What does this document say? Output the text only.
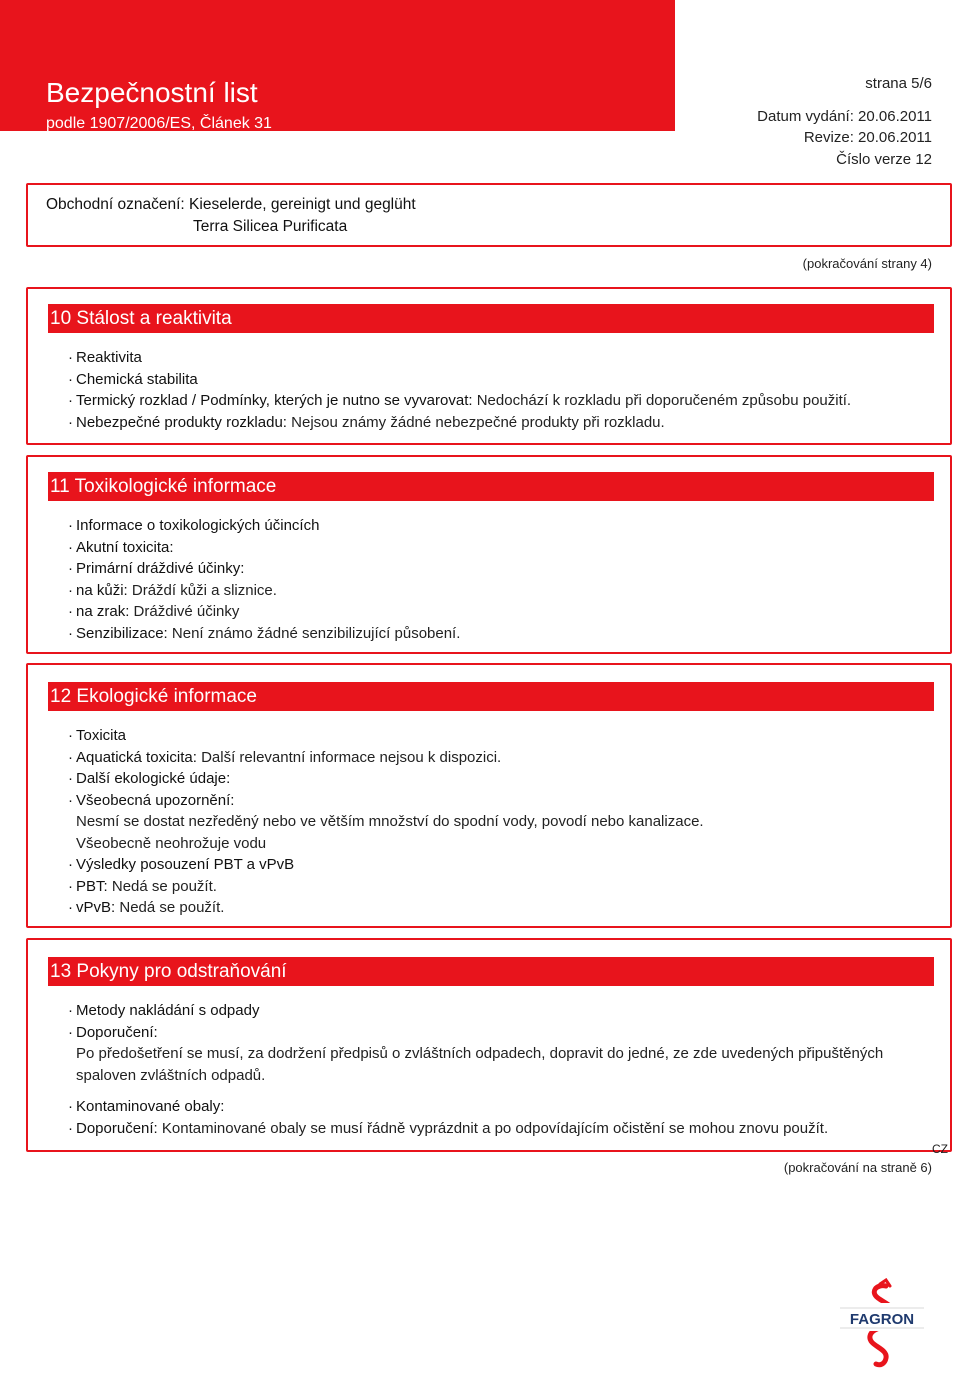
Bezpečnostní list
podle 1907/2006/ES, Článek 31
strana 5/6
Datum vydání: 20.06.2011
Revize: 20.06.2011
Číslo verze 12
Obchodní označení: Kieselerde, gereinigt und geglüht
Terra Silicea Purificata
(pokračování strany 4)
10 Stálost a reaktivita
· Reaktivita
· Chemická stabilita
· Termický rozklad / Podmínky, kterých je nutno se vyvarovat: Nedochází k rozkladu při doporučeném způsobu použití.
· Nebezpečné produkty rozkladu: Nejsou známy žádné nebezpečné produkty při rozkladu.
11 Toxikologické informace
· Informace o toxikologických účincích
· Akutní toxicita:
· Primární dráždivé účinky:
· na kůži: Dráždí kůži a sliznice.
· na zrak: Dráždivé účinky
· Senzibilizace: Není známo žádné senzibilizující působení.
12 Ekologické informace
· Toxicita
· Aquatická toxicita: Další relevantní informace nejsou k dispozici.
· Další ekologické údaje:
· Všeobecná upozornění:
Nesmí se dostat nezředěný nebo ve větším množství do spodní vody, povodí nebo kanalizace.
Všeobecně neohrožuje vodu
· Výsledky posouzení PBT a vPvB
· PBT: Nedá se použít.
· vPvB: Nedá se použít.
13 Pokyny pro odstraňování
· Metody nakládání s odpady
· Doporučení:
Po předošetření se musí, za dodržení předpisů o zvláštních odpadech, dopravit do jedné, ze zde uvedených připuštěných spaloven zvláštních odpadů.
· Kontaminované obaly:
· Doporučení: Kontaminované obaly se musí řádně vyprázdnit a po odpovídajícím očistění se mohou znovu použít.
CZ
(pokračování na straně 6)
FAGRON
